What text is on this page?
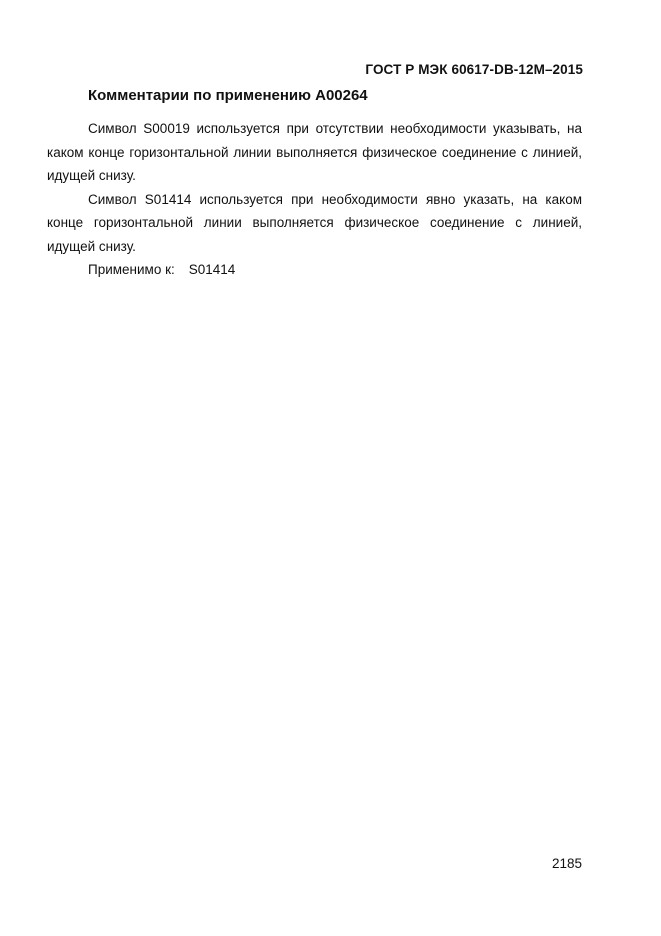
ГОСТ Р МЭК 60617-DB-12M–2015
Комментарии по применению A00264

Символ S00019 используется при отсутствии необходимости указывать, на каком конце горизонтальной линии выполняется физическое соединение с линией, идущей снизу.

Символ S01414 используется при необходимости явно указать, на каком конце горизонтальной линии выполняется физическое соединение с линией, идущей снизу.

Применимо к: S01414

2185
